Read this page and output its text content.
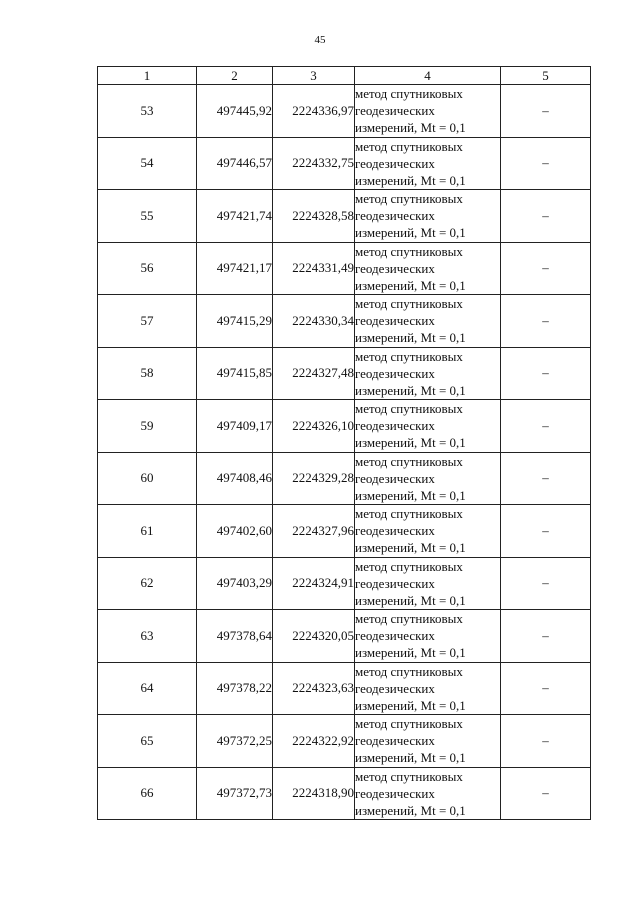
45
1	2	3	4	5
53	497445,92	2224336,97	метод спутниковых
геодезических
измерений, Mt = 0,1	–
54	497446,57	2224332,75	метод спутниковых
геодезических
измерений, Mt = 0,1	–
55	497421,74	2224328,58	метод спутниковых
геодезических
измерений, Mt = 0,1	–
56	497421,17	2224331,49	метод спутниковых
геодезических
измерений, Mt = 0,1	–
57	497415,29	2224330,34	метод спутниковых
геодезических
измерений, Mt = 0,1	–
58	497415,85	2224327,48	метод спутниковых
геодезических
измерений, Mt = 0,1	–
59	497409,17	2224326,10	метод спутниковых
геодезических
измерений, Mt = 0,1	–
60	497408,46	2224329,28	метод спутниковых
геодезических
измерений, Mt = 0,1	–
61	497402,60	2224327,96	метод спутниковых
геодезических
измерений, Mt = 0,1	–
62	497403,29	2224324,91	метод спутниковых
геодезических
измерений, Mt = 0,1	–
63	497378,64	2224320,05	метод спутниковых
геодезических
измерений, Mt = 0,1	–
64	497378,22	2224323,63	метод спутниковых
геодезических
измерений, Mt = 0,1	–
65	497372,25	2224322,92	метод спутниковых
геодезических
измерений, Mt = 0,1	–
66	497372,73	2224318,90	метод спутниковых
геодезических
измерений, Mt = 0,1	–
